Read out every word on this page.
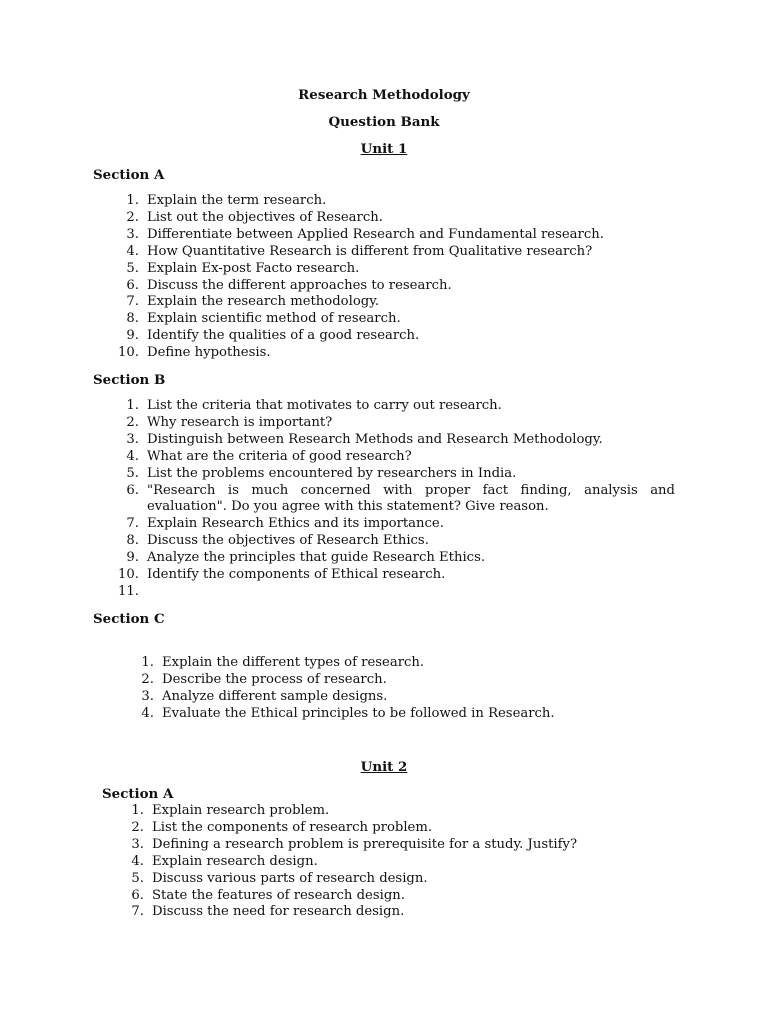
Research Methodology
Question Bank
Unit 1
Section A
1. Explain the term research.
2. List out the objectives of Research.
3. Differentiate between Applied Research and Fundamental research.
4. How Quantitative Research is different from Qualitative research?
5. Explain Ex-post Facto research.
6. Discuss the different approaches to research.
7. Explain the research methodology.
8. Explain scientific method of research.
9. Identify the qualities of a good research.
10. Define hypothesis.
Section B
1. List the criteria that motivates to carry out research.
2. Why research is important?
3. Distinguish between Research Methods and Research Methodology.
4. What are the criteria of good research?
5. List the problems encountered by researchers in India.
6. "Research is much concerned with proper fact finding, analysis and evaluation". Do you agree with this statement? Give reason.
7. Explain Research Ethics and its importance.
8. Discuss the objectives of Research Ethics.
9. Analyze the principles that guide Research Ethics.
10. Identify the components of Ethical research.
11.
Section C
1. Explain the different types of research.
2. Describe the process of research.
3. Analyze different sample designs.
4. Evaluate the Ethical principles to be followed in Research.
Unit 2
Section A
1. Explain research problem.
2. List the components of research problem.
3. Defining a research problem is prerequisite for a study. Justify?
4. Explain research design.
5. Discuss various parts of research design.
6. State the features of research design.
7. Discuss the need for research design.
